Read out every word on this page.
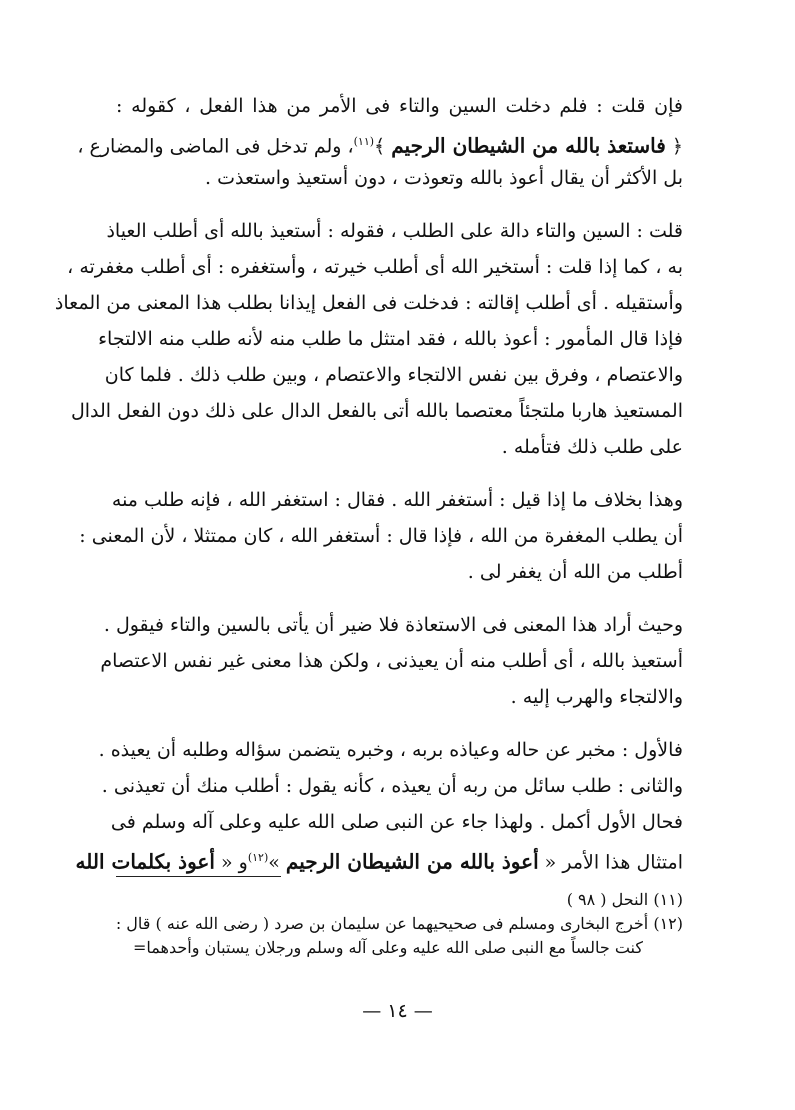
فإن قلت : فلم دخلت السين والتاء فى الأمر من هذا الفعل ، كقوله :
﴿ فاستعذ بالله من الشيطان الرجيم ﴾$^{(١١)}$، ولم تدخل فى الماضى والمضارع ،
بل الأكثر أن يقال أعوذ بالله وتعوذت ، دون أستعيذ واستعذت .
قلت : السين والتاء دالة على الطلب ، فقوله : أستعيذ بالله أى أطلب العياذ
به ، كما إذا قلت : أستخير الله أى أطلب خيرته ، وأستغفره : أى أطلب مغفرته ،
وأستقيله . أى أطلب إقالته : فدخلت فى الفعل إيذانا بطلب هذا المعنى من المعاذ
فإذا قال المأمور : أعوذ بالله ، فقد امتثل ما طلب منه لأنه طلب منه الالتجاء
والاعتصام ، وفرق بين نفس الالتجاء والاعتصام ، وبين طلب ذلك . فلما كان
المستعيذ هاربا ملتجئاً معتصما بالله أتى بالفعل الدال على ذلك دون الفعل الدال
على طلب ذلك فتأمله .
وهذا بخلاف ما إذا قيل : أستغفر الله . فقال : استغفر الله ، فإنه طلب منه
أن يطلب المغفرة من الله ، فإذا قال : أستغفر الله ، كان ممتثلا ، لأن المعنى :
أطلب من الله أن يغفر لى .
وحيث أراد هذا المعنى فى الاستعاذة فلا ضير أن يأتى بالسين والتاء فيقول .
أستعيذ بالله ، أى أطلب منه أن يعيذنى ، ولكن هذا معنى غير نفس الاعتصام
والالتجاء والهرب إليه .
فالأول : مخبر عن حاله وعياذه بربه ، وخبره يتضمن سؤاله وطلبه أن يعيذه .
والثانى : طلب سائل من ربه أن يعيذه ، كأنه يقول : أطلب منك أن تعيذنى .
فحال الأول أكمل . ولهذا جاء عن النبى صلى الله عليه وعلى آله وسلم فى
امتثال هذا الأمر « أعوذ بالله من الشيطان الرجيم »$^{(١٢)}$و « أعوذ بكلمات الله
(١١) النحل ( ٩٨ )
(١٢) أخرج البخارى ومسلم فى صحيحيهما عن سليمان بن صرد ( رضى الله عنه ) قال :
كنت جالساً مع النبى صلى الله عليه وعلى آله وسلم ورجلان يستبان وأحدهما=
— ١٤ —
